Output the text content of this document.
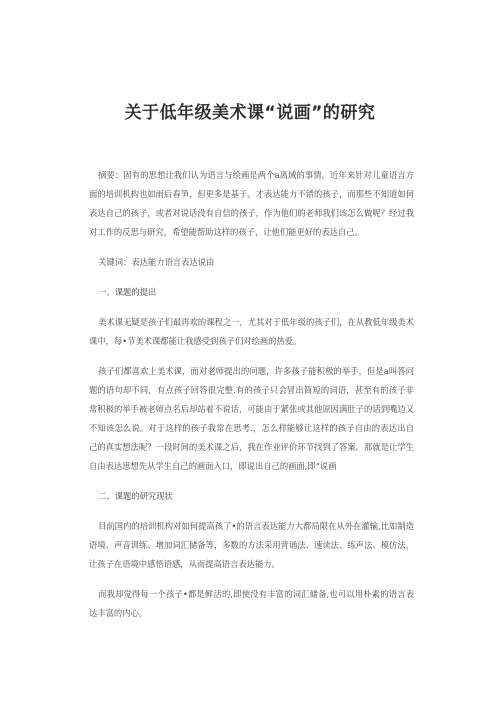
关于低年级美术课“说画”的研究

摘要：固有的思想让我们认为语言与绘画是两个a离域的事情。近年来针对儿童语言方面的培训机构也如雨后春笋，但更多是基于。才表达能力不错的孩子，而那些不知道如何表达自己的孩子，或者对说话没有自信的孩子，作为他们的老师我们该怎么做呢？经过我对工作的反思与研究，希望能帮助这样的孩子，让他们能更好的表达自己。

关键词：表达能力语言表达说由

一、课题的提出

美术课无疑是孩子们最再欢的课程之一，尤其对于低年级的孩子们，在从教低年级美术课中，每•节美术课都能让我感受到孩子们对绘画的热爱。

孩子们都喜欢上美术课，面对老师提出的问题，许多孩子能积极的举手，但是a叫答问题的语句却不同，有点孩子回答很完整.有的孩子只会冒出简短的词语，甚至有的孩子非常积极的举手被老师点名后却站着不说话，可能由于紧张或其他原因满肚子的话到嘴边又不知该怎么说。对于这样的孩子我常在思考.，怎么样能够让这样的孩子自由的表达出自己的真实想法呢？一段时间的美术课之后，我在作业评价环节找到了答案。那就是让学生自由表达思想先从学生自己的画面入口，即说出自己的画面,即“说画

二、课题的研究现状

目前国内的培训机构对如何提高孩了•的语言表达能力大都局限在从外在灌输,比如制造语境、声音训练、增加词汇储备等，多数的方法采用背诵法、速读法、练声法、模仿法，让孩子在语境中感悟语感，从而提高语言表达能力。

而我却觉得每一个孩子•都是鲜活的,即使没有丰富的词汇储备,也可以用朴素的语言表达丰富的内心。
